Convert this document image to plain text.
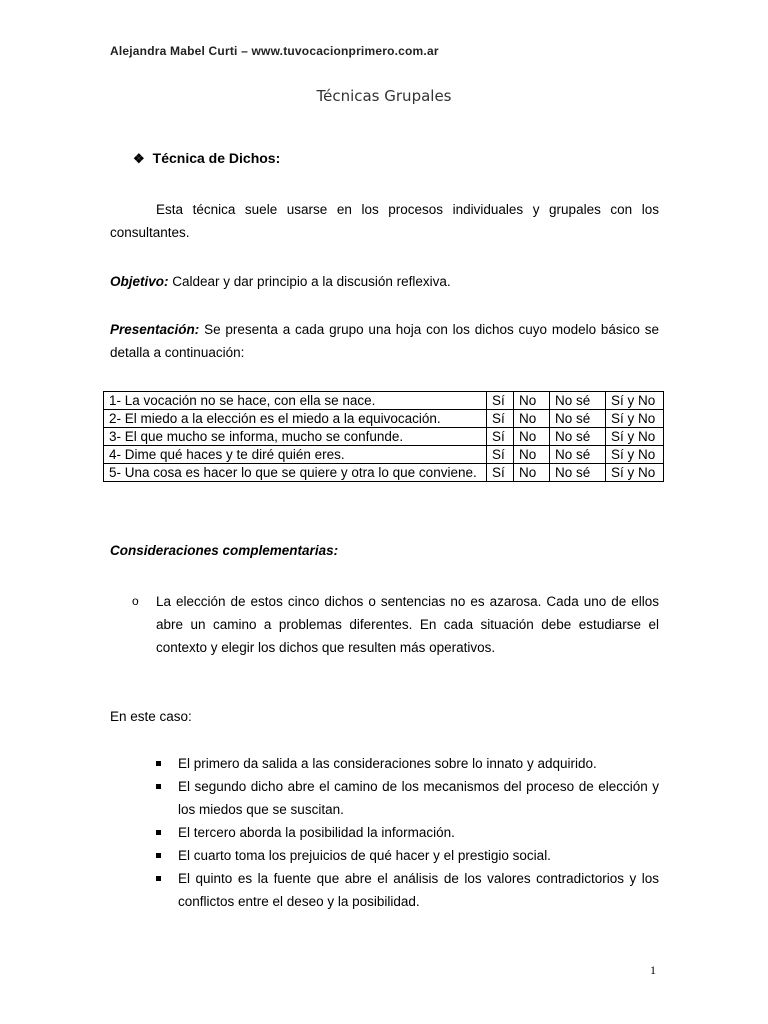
Alejandra Mabel Curti – www.tuvocacionprimero.com.ar
Técnicas Grupales
❖ Técnica de Dichos:
Esta técnica suele usarse en los procesos individuales y grupales con los consultantes.
Objetivo: Caldear y dar principio a la discusión reflexiva.
Presentación: Se presenta a cada grupo una hoja con los dichos cuyo modelo básico se detalla a continuación:
1- La vocación no se hace, con ella se nace.	Sí	No	No sé	Sí y No
2- El miedo a la elección es el miedo a la equivocación.	Sí	No	No sé	Sí y No
3- El que mucho se informa, mucho se confunde.	Sí	No	No sé	Sí y No
4- Dime qué haces y te diré quién eres.	Sí	No	No sé	Sí y No
5- Una cosa es hacer lo que se quiere y otra lo que conviene.	Sí	No	No sé	Sí y No
Consideraciones complementarias:
o La elección de estos cinco dichos o sentencias no es azarosa. Cada uno de ellos abre un camino a problemas diferentes. En cada situación debe estudiarse el contexto y elegir los dichos que resulten más operativos.
En este caso:
El primero da salida a las consideraciones sobre lo innato y adquirido.
El segundo dicho abre el camino de los mecanismos del proceso de elección y los miedos que se suscitan.
El tercero aborda la posibilidad la información.
El cuarto toma los prejuicios de qué hacer y el prestigio social.
El quinto es la fuente que abre el análisis de los valores contradictorios y los conflictos entre el deseo y la posibilidad.
1
